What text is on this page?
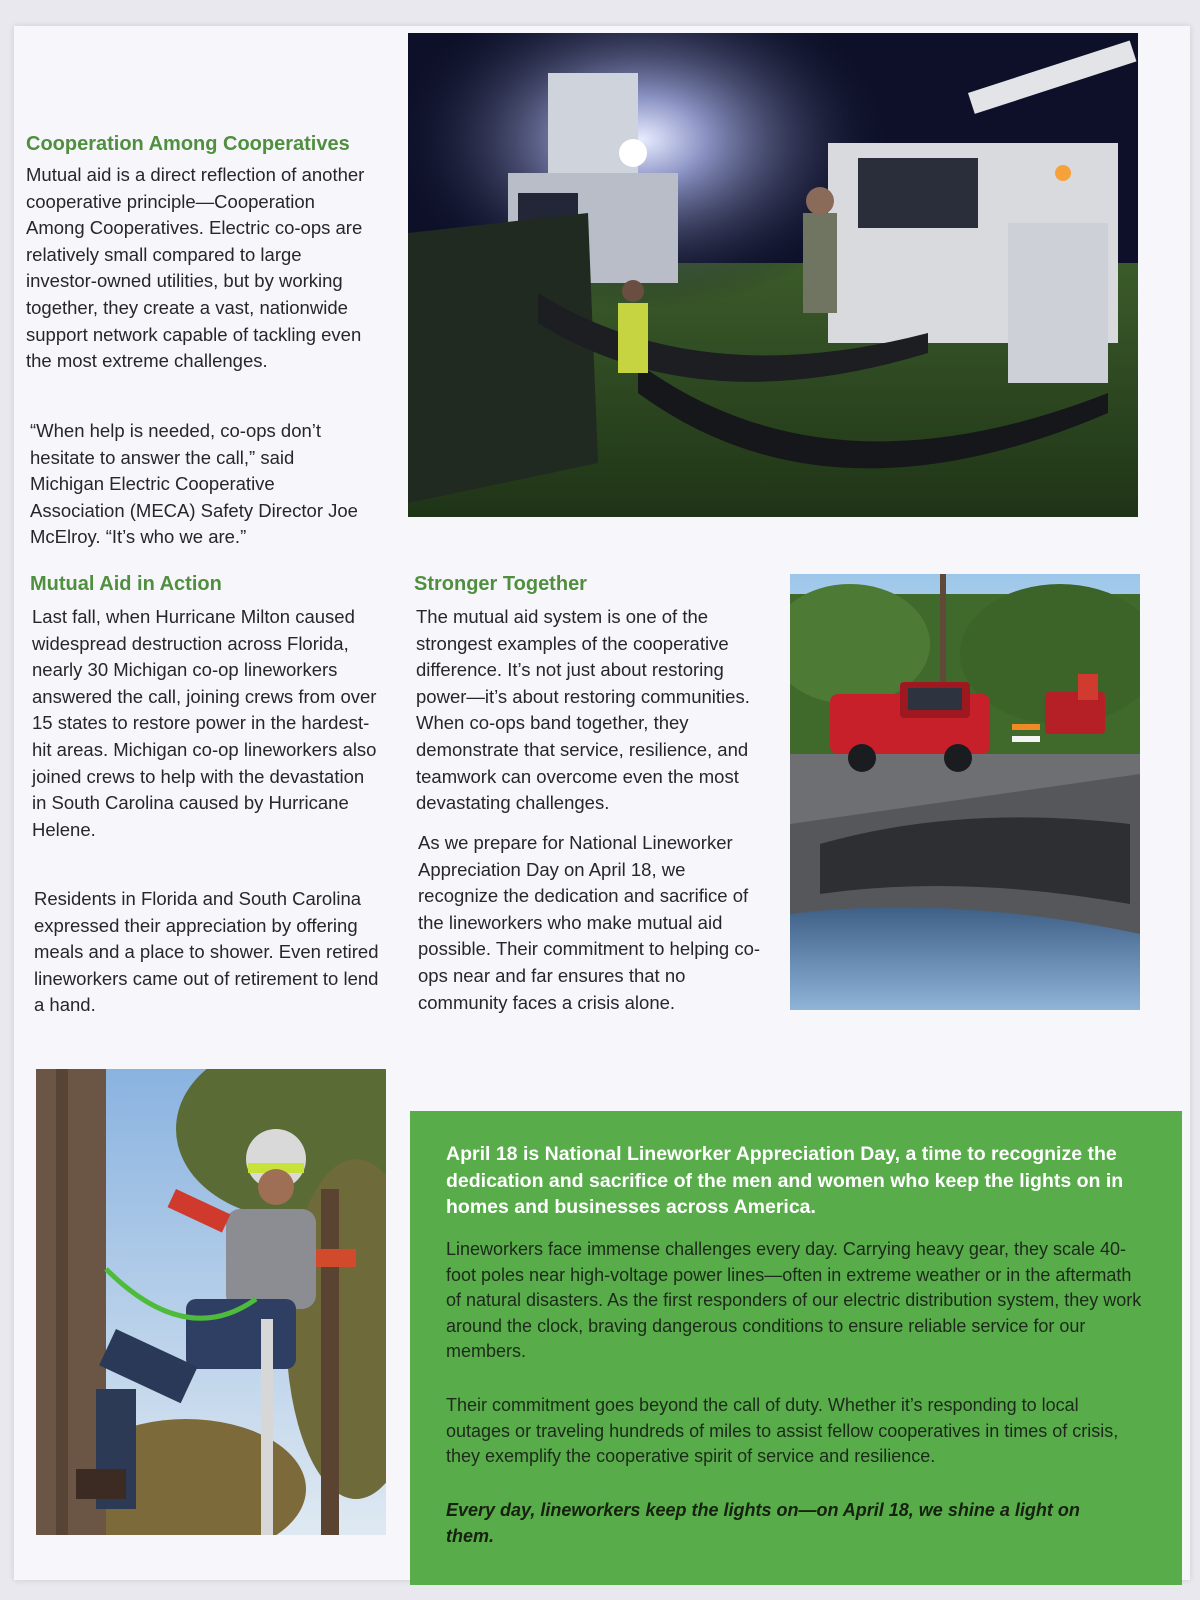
Cooperation Among Cooperatives

Mutual aid is a direct reflection of another cooperative principle—Cooperation Among Cooperatives. Electric co-ops are relatively small compared to large investor-owned utilities, but by working together, they create a vast, nationwide support network capable of tackling even the most extreme challenges.

“When help is needed, co-ops don’t hesitate to answer the call,” said Michigan Electric Cooperative Association (MECA) Safety Director Joe McElroy. “It’s who we are.”

Mutual Aid in Action

Last fall, when Hurricane Milton caused widespread destruction across Florida, nearly 30 Michigan co-op lineworkers answered the call, joining crews from over 15 states to restore power in the hardest-hit areas. Michigan co-op lineworkers also joined crews to help with the devastation in South Carolina caused by Hurricane Helene.

Residents in Florida and South Carolina expressed their appreciation by offering meals and a place to shower. Even retired lineworkers came out of retirement to lend a hand.

Stronger Together

The mutual aid system is one of the strongest examples of the cooperative difference. It’s not just about restoring power—it’s about restoring communities. When co-ops band together, they demonstrate that service, resilience, and teamwork can overcome even the most devastating challenges.

As we prepare for National Lineworker Appreciation Day on April 18, we recognize the dedication and sacrifice of the lineworkers who make mutual aid possible. Their commitment to helping co-ops near and far ensures that no community faces a crisis alone.

April 18 is National Lineworker Appreciation Day, a time to recognize the dedication and sacrifice of the men and women who keep the lights on in homes and businesses across America.

Lineworkers face immense challenges every day. Carrying heavy gear, they scale 40-foot poles near high-voltage power lines—often in extreme weather or in the aftermath of natural disasters. As the first responders of our electric distribution system, they work around the clock, braving dangerous conditions to ensure reliable service for our members.

Their commitment goes beyond the call of duty. Whether it’s responding to local outages or traveling hundreds of miles to assist fellow cooperatives in times of crisis, they exemplify the cooperative spirit of service and resilience.

Every day, lineworkers keep the lights on—on April 18, we shine a light on them.
